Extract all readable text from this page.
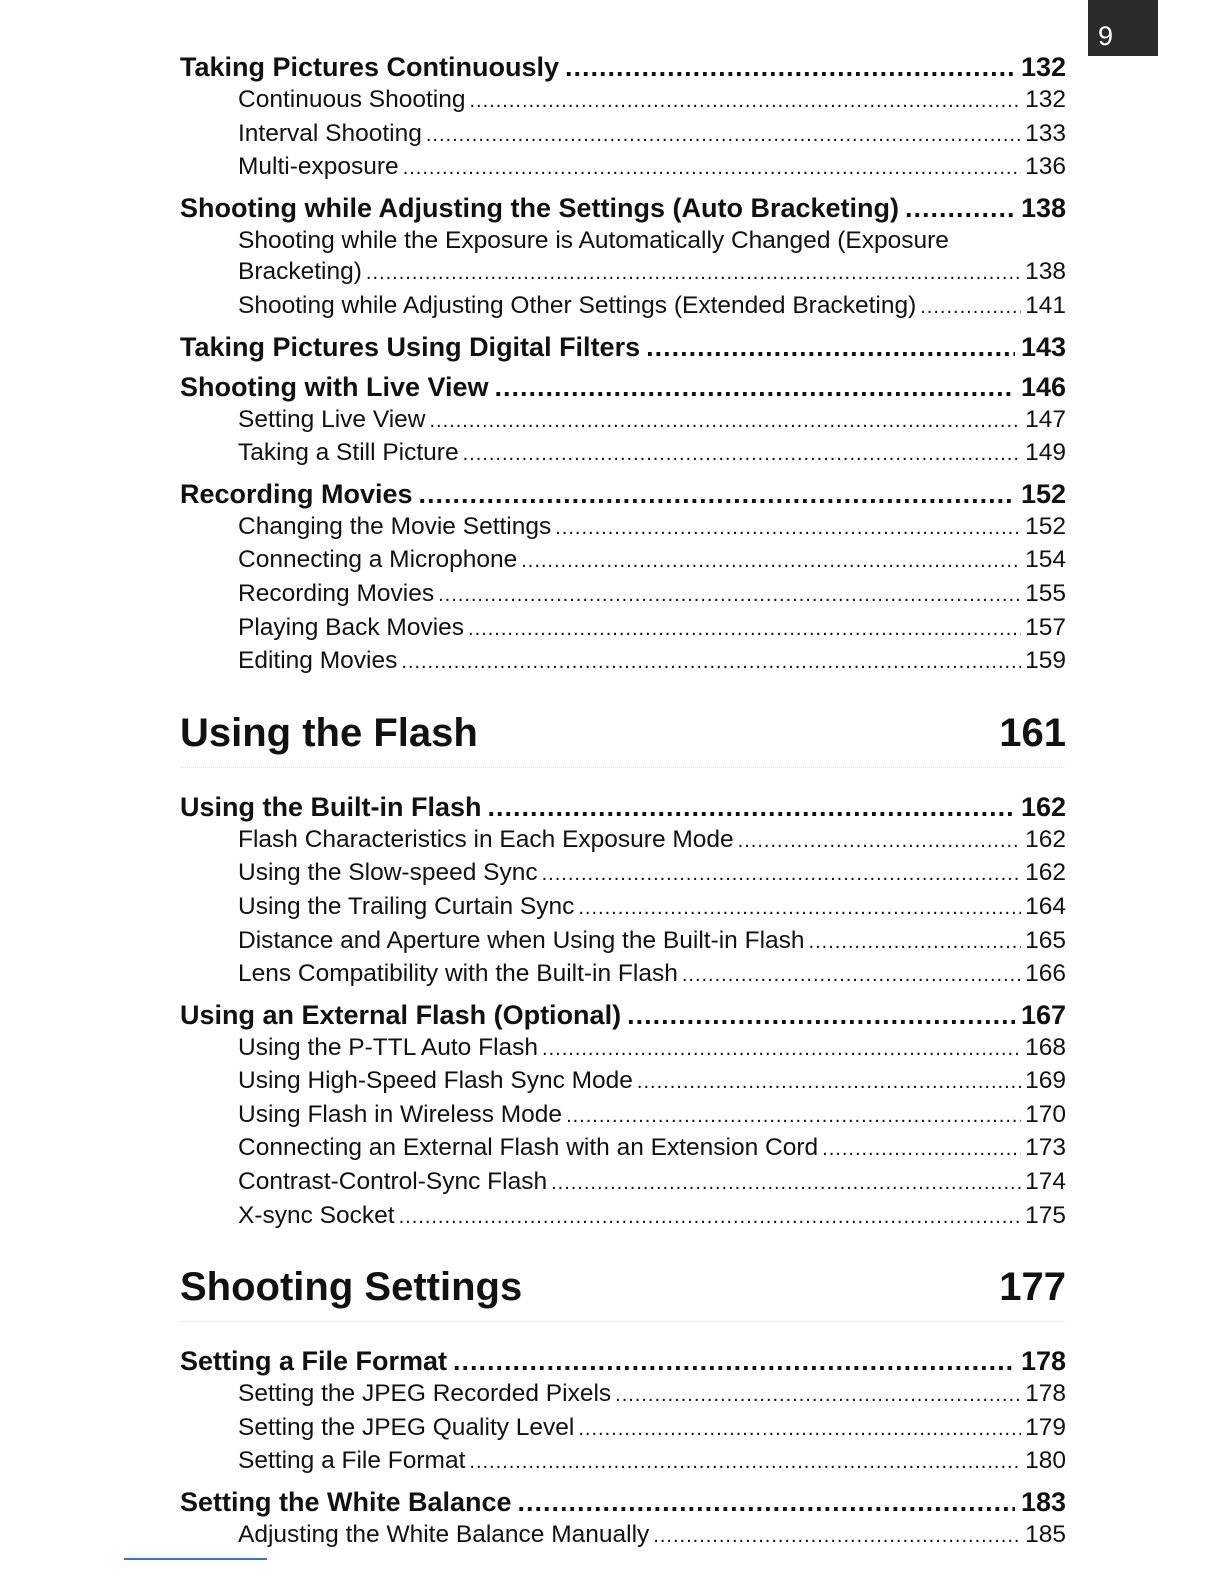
9
Taking Pictures Continuously .....	132
Continuous Shooting .....	132
Interval Shooting .....	133
Multi-exposure .....	136
Shooting while Adjusting the Settings (Auto Bracketing) .....	138
Shooting while the Exposure is Automatically Changed (Exposure
Bracketing) .....	138
Shooting while Adjusting Other Settings (Extended Bracketing) .....	141
Taking Pictures Using Digital Filters .....	143
Shooting with Live View .....	146
Setting Live View .....	147
Taking a Still Picture .....	149
Recording Movies .....	152
Changing the Movie Settings .....	152
Connecting a Microphone .....	154
Recording Movies .....	155
Playing Back Movies .....	157
Editing Movies .....	159
Using the Flash	161
Using the Built-in Flash .....	162
Flash Characteristics in Each Exposure Mode .....	162
Using the Slow-speed Sync .....	162
Using the Trailing Curtain Sync .....	164
Distance and Aperture when Using the Built-in Flash .....	165
Lens Compatibility with the Built-in Flash .....	166
Using an External Flash (Optional) .....	167
Using the P-TTL Auto Flash .....	168
Using High-Speed Flash Sync Mode .....	169
Using Flash in Wireless Mode .....	170
Connecting an External Flash with an Extension Cord .....	173
Contrast-Control-Sync Flash .....	174
X-sync Socket .....	175
Shooting Settings	177
Setting a File Format .....	178
Setting the JPEG Recorded Pixels .....	178
Setting the JPEG Quality Level .....	179
Setting a File Format .....	180
Setting the White Balance .....	183
Adjusting the White Balance Manually .....	185
